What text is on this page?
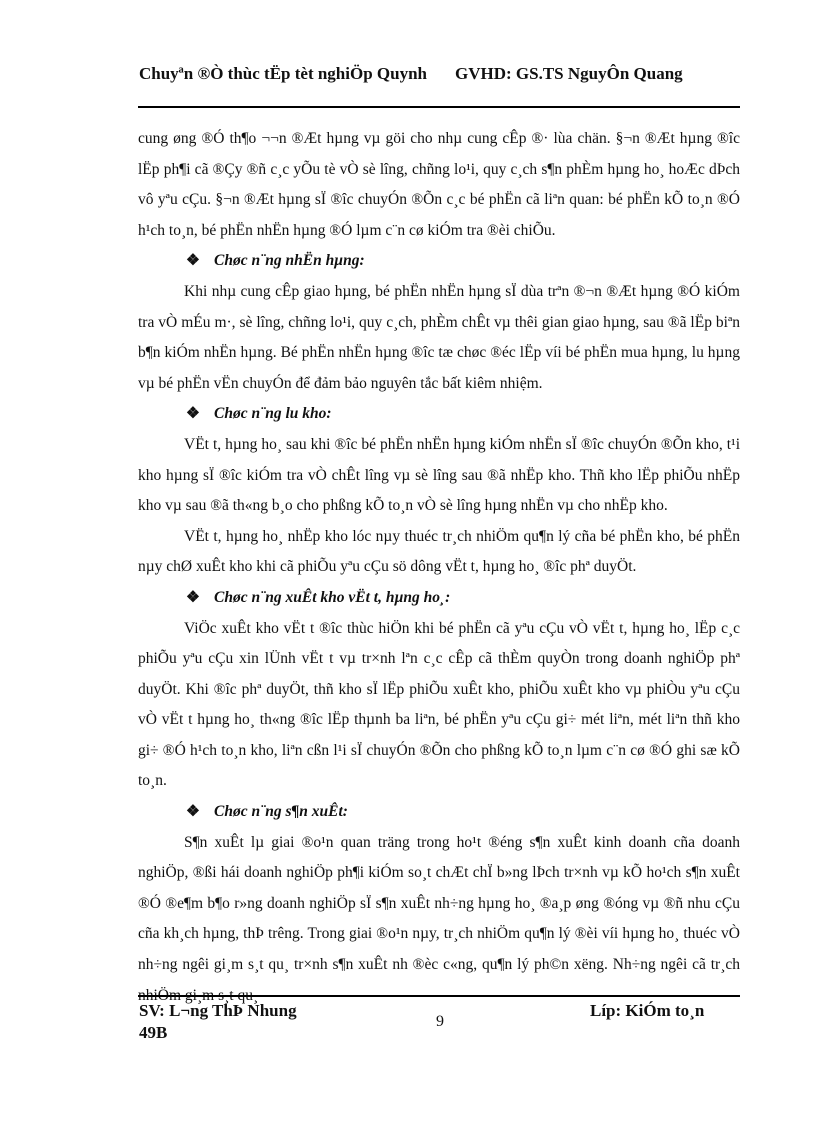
Chuyªn ®Ò thùc tËp tèt nghiÖp Quynh GVHD: GS.TS NguyÔn Quang

cung øng ®Ó th¶o ¬¬n ®Æt hµng vµ göi cho nhµ cung cÊp ®· lùa chän. §¬n ®Æt hµng ®îc lËp ph¶i cã ®Çy ®ñ c¸c yÕu tè vÒ sè lîng, chñng lo¹i, quy c¸ch s¶n phÈm hµng ho¸ hoÆc dÞch vô yªu cÇu. §¬n ®Æt hµng sÏ ®îc chuyÓn ®Õn c¸c bé phËn cã liªn quan: bé phËn kÕ to¸n ®Ó h¹ch to¸n, bé phËn nhËn hµng ®Ó lµm c¨n cø kiÓm tra ®èi chiÕu.

❖ Chøc n¨ng nhËn hµng:

Khi nhµ cung cÊp giao hµng, bé phËn nhËn hµng sÏ dùa trªn ®¬n ®Æt hµng ®Ó kiÓm tra vÒ mÉu m·, sè lîng, chñng lo¹i, quy c¸ch, phÈm chÊt vµ thêi gian giao hµng, sau ®ã lËp biªn b¶n kiÓm nhËn hµng. Bé phËn nhËn hµng ®îc tæ chøc ®éc lËp víi bé phËn mua hµng, lu hµng vµ bé phËn vËn chuyÓn để đảm bảo nguyên tắc bất kiêm nhiệm.

❖ Chøc n¨ng lu kho:

VËt t, hµng ho¸ sau khi ®îc bé phËn nhËn hµng kiÓm nhËn sÏ ®îc chuyÓn ®Õn kho, t¹i kho hµng sÏ ®îc kiÓm tra vÒ chÊt lîng vµ sè lîng sau ®ã nhËp kho. Thñ kho lËp phiÕu nhËp kho vµ sau ®ã th«ng b¸o cho phßng kÕ to¸n vÒ sè lîng hµng nhËn vµ cho nhËp kho.

VËt t, hµng ho¸ nhËp kho lóc nµy thuéc tr¸ch nhiÖm qu¶n lý cña bé phËn kho, bé phËn nµy chØ xuÊt kho khi cã phiÕu yªu cÇu sö dông vËt t, hµng ho¸ ®îc phª duyÖt.

❖ Chøc n¨ng xuÊt kho vËt t, hµng ho¸:

ViÖc xuÊt kho vËt t ®îc thùc hiÖn khi bé phËn cã yªu cÇu vÒ vËt t, hµng ho¸ lËp c¸c phiÕu yªu cÇu xin lÜnh vËt t vµ tr×nh lªn c¸c cÊp cã thÈm quyÒn trong doanh nghiÖp phª duyÖt. Khi ®îc phª duyÖt, thñ kho sÏ lËp phiÕu xuÊt kho, phiÕu xuÊt kho vµ phiÒu yªu cÇu vÒ vËt t hµng ho¸ th«ng ®îc lËp thµnh ba liªn, bé phËn yªu cÇu gi÷ mét liªn, mét liªn thñ kho gi÷ ®Ó h¹ch to¸n kho, liªn cßn l¹i sÏ chuyÓn ®Õn cho phßng kÕ to¸n lµm c¨n cø ®Ó ghi sæ kÕ to¸n.

❖ Chøc n¨ng s¶n xuÊt:

S¶n xuÊt lµ giai ®o¹n quan träng trong ho¹t ®éng s¶n xuÊt kinh doanh cña doanh nghiÖp, ®ßi hái doanh nghiÖp ph¶i kiÓm so¸t chÆt chÏ b»ng lÞch tr×nh vµ kÕ ho¹ch s¶n xuÊt ®Ó ®e¶m b¶o r»ng doanh nghiÖp sÏ s¶n xuÊt nh÷ng hµng ho¸ ®a¸p øng ®óng vµ ®ñ nhu cÇu cña kh¸ch hµng, thÞ trêng. Trong giai ®o¹n nµy, tr¸ch nhiÖm qu¶n lý ®èi víi hµng ho¸ thuéc vÒ nh÷ng ngêi gi¸m s¸t qu¸ tr×nh s¶n xuÊt nh ®èc c«ng, qu¶n lý ph©n xëng. Nh÷ng ngêi cã tr¸ch nhiÖm gi¸m s¸t qu¸

SV: L¬ng ThÞ Nhung 49B
9
Líp: KiÓm to¸n
